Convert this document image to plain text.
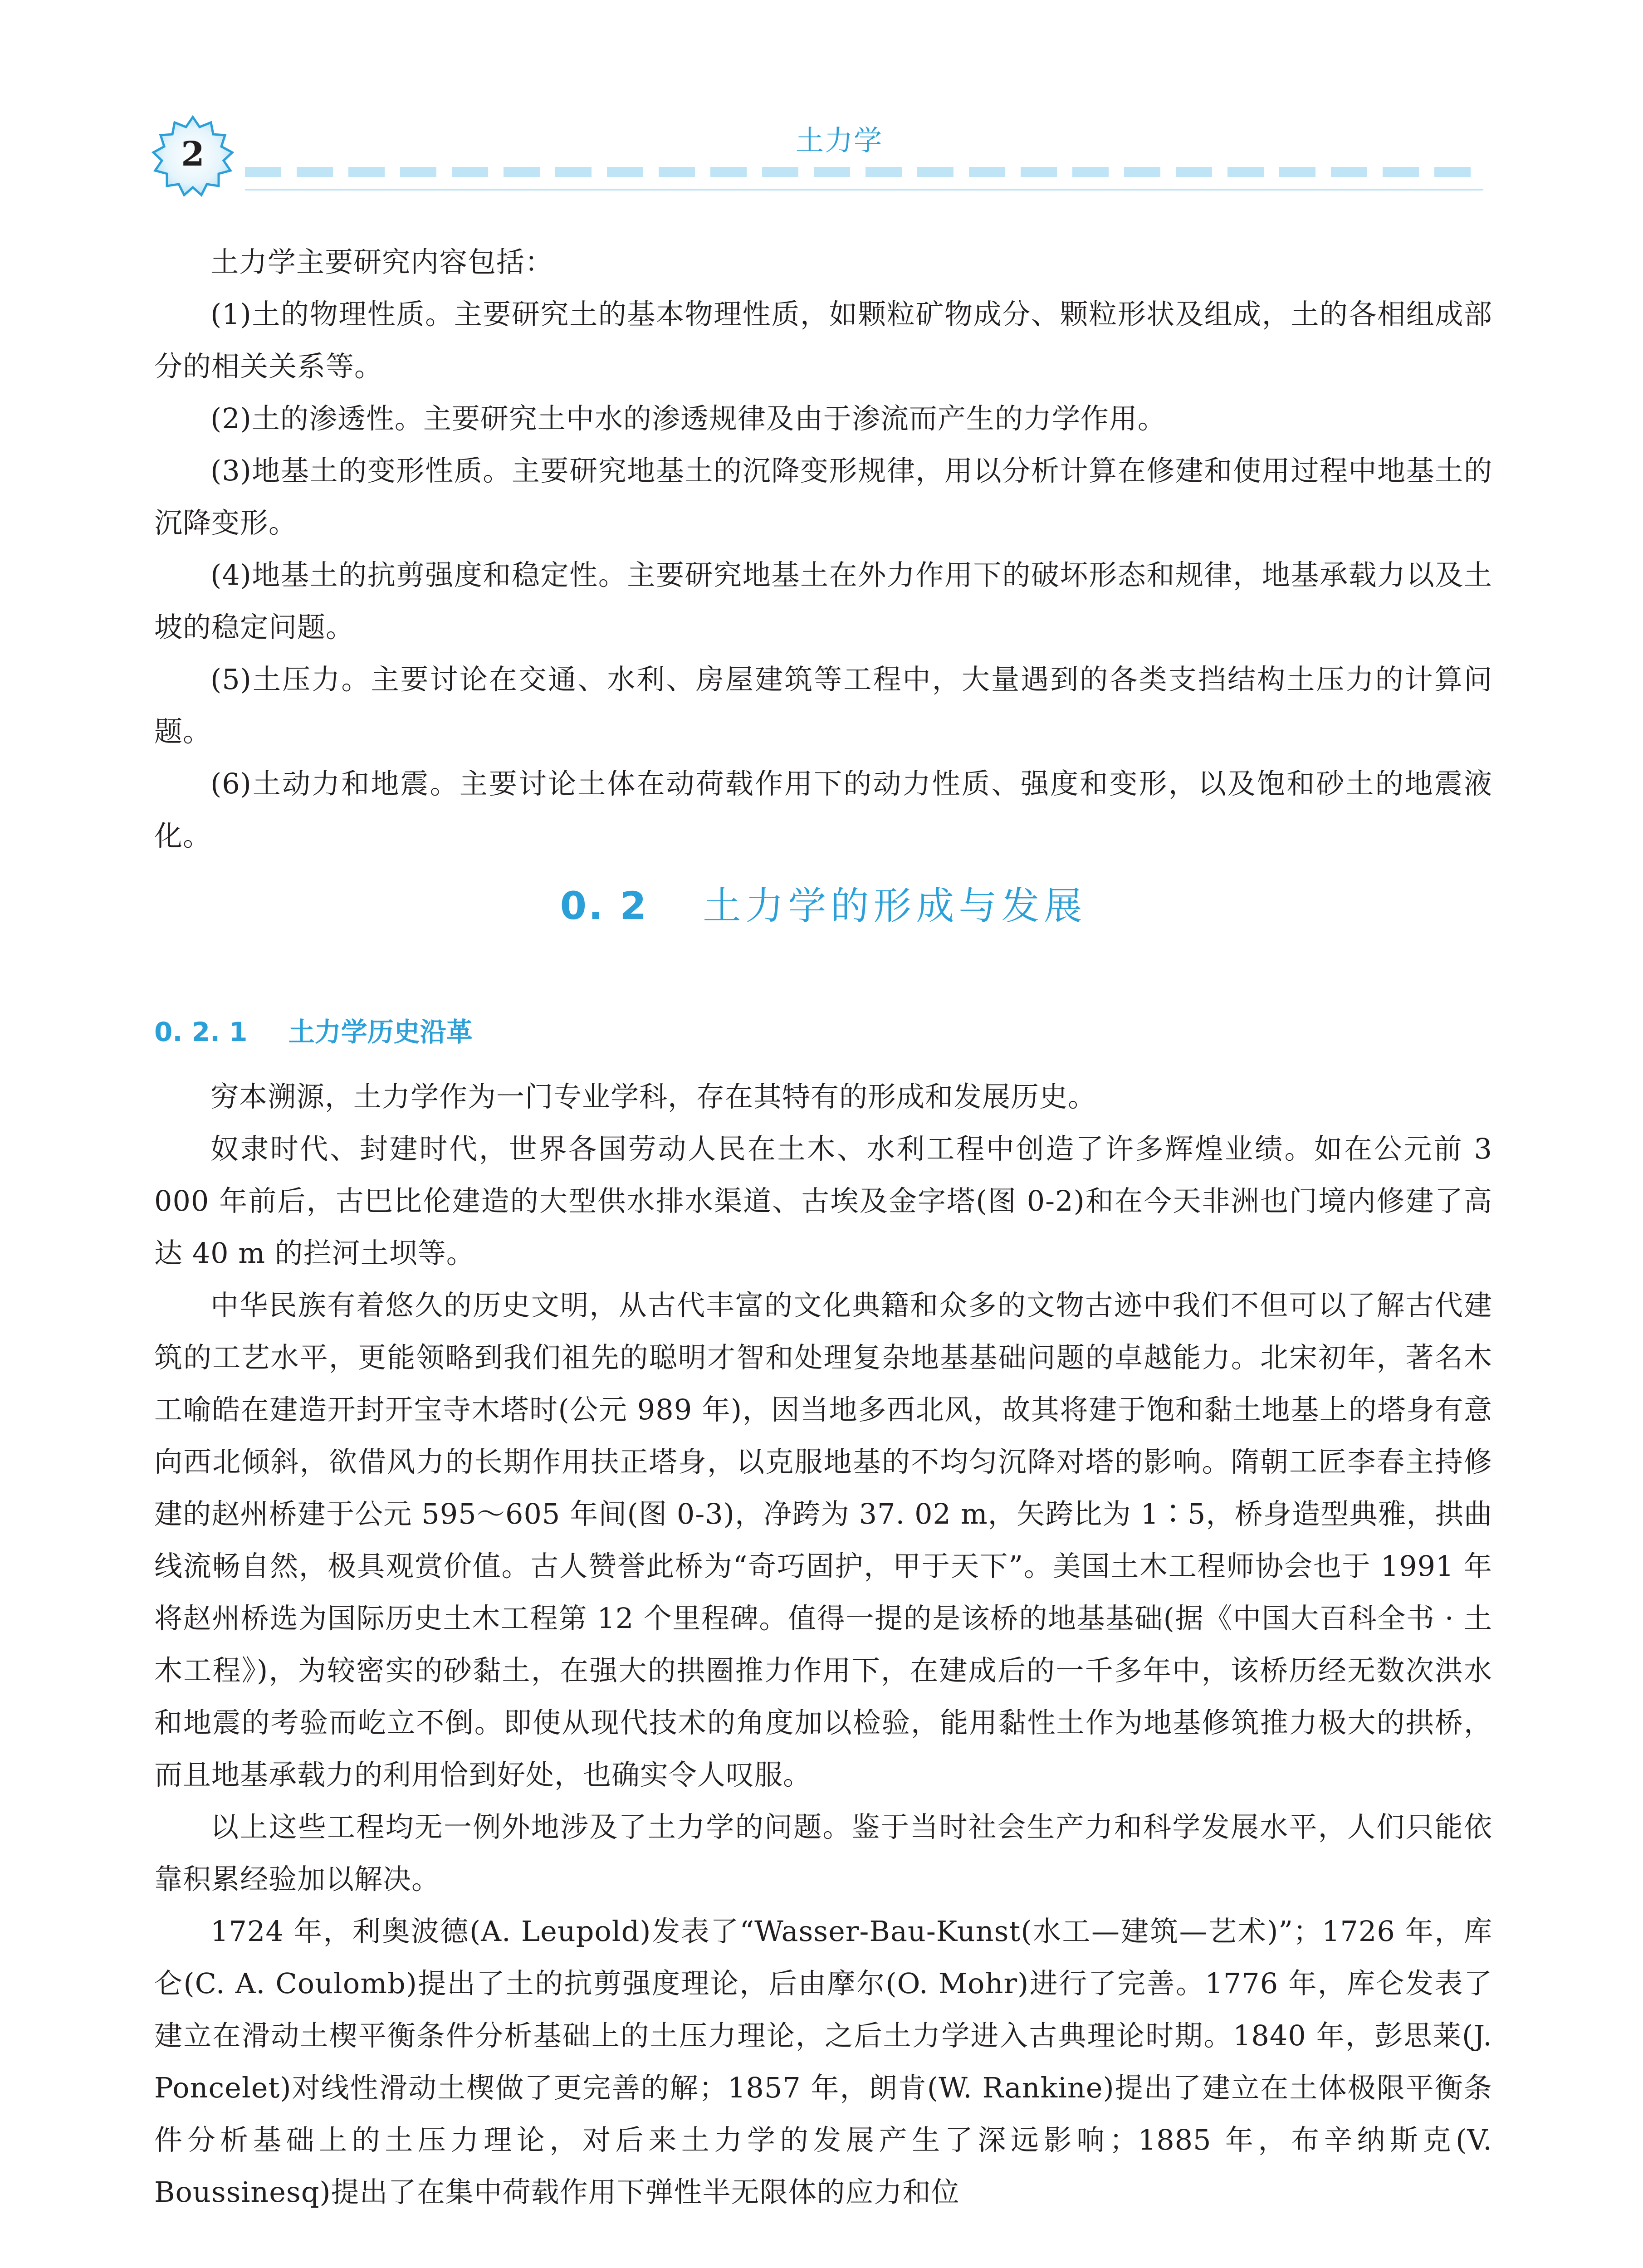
2	土力学

土力学主要研究内容包括：

(1)土的物理性质。主要研究土的基本物理性质，如颗粒矿物成分、颗粒形状及组成，土的各相组成部分的相关关系等。

(2)土的渗透性。主要研究土中水的渗透规律及由于渗流而产生的力学作用。

(3)地基土的变形性质。主要研究地基土的沉降变形规律，用以分析计算在修建和使用过程中地基土的沉降变形。

(4)地基土的抗剪强度和稳定性。主要研究地基土在外力作用下的破坏形态和规律，地基承载力以及土坡的稳定问题。

(5)土压力。主要讨论在交通、水利、房屋建筑等工程中，大量遇到的各类支挡结构土压力的计算问题。

(6)土动力和地震。主要讨论土体在动荷载作用下的动力性质、强度和变形，以及饱和砂土的地震液化。

0. 2 土力学的形成与发展
0. 2. 1 土力学历史沿革

穷本溯源，土力学作为一门专业学科，存在其特有的形成和发展历史。

奴隶时代、封建时代，世界各国劳动人民在土木、水利工程中创造了许多辉煌业绩。如在公元前 3 000 年前后，古巴比伦建造的大型供水排水渠道、古埃及金字塔(图 0-2)和在今天非洲也门境内修建了高达 40 m 的拦河土坝等。

中华民族有着悠久的历史文明，从古代丰富的文化典籍和众多的文物古迹中我们不但可以了解古代建筑的工艺水平，更能领略到我们祖先的聪明才智和处理复杂地基基础问题的卓越能力。北宋初年，著名木工喻皓在建造开封开宝寺木塔时(公元 989 年)，因当地多西北风，故其将建于饱和黏土地基上的塔身有意向西北倾斜，欲借风力的长期作用扶正塔身，以克服地基的不均匀沉降对塔的影响。隋朝工匠李春主持修建的赵州桥建于公元 595～605 年间(图 0-3)，净跨为 37. 02 m，矢跨比为 1∶5，桥身造型典雅，拱曲线流畅自然，极具观赏价值。古人赞誉此桥为“奇巧固护，甲于天下”。美国土木工程师协会也于 1991 年将赵州桥选为国际历史土木工程第 12 个里程碑。值得一提的是该桥的地基基础(据《中国大百科全书 · 土木工程》)，为较密实的砂黏土，在强大的拱圈推力作用下，在建成后的一千多年中，该桥历经无数次洪水和地震的考验而屹立不倒。即使从现代技术的角度加以检验，能用黏性土作为地基修筑推力极大的拱桥，而且地基承载力的利用恰到好处，也确实令人叹服。

以上这些工程均无一例外地涉及了土力学的问题。鉴于当时社会生产力和科学发展水平，人们只能依靠积累经验加以解决。

1724 年，利奥波德(A. Leupold)发表了“Wasser-Bau-Kunst(水工—建筑—艺术)”；1726 年，库仑(C. A. Coulomb)提出了土的抗剪强度理论，后由摩尔(O. Mohr)进行了完善。1776 年，库仑发表了建立在滑动土楔平衡条件分析基础上的土压力理论，之后土力学进入古典理论时期。1840 年，彭思莱(J. Poncelet)对线性滑动土楔做了更完善的解；1857 年，朗肯(W. Rankine)提出了建立在土体极限平衡条件分析基础上的土压力理论，对后来土力学的发展产生了深远影响；1885 年，布辛纳斯克(V. Boussinesq)提出了在集中荷载作用下弹性半无限体的应力和位
